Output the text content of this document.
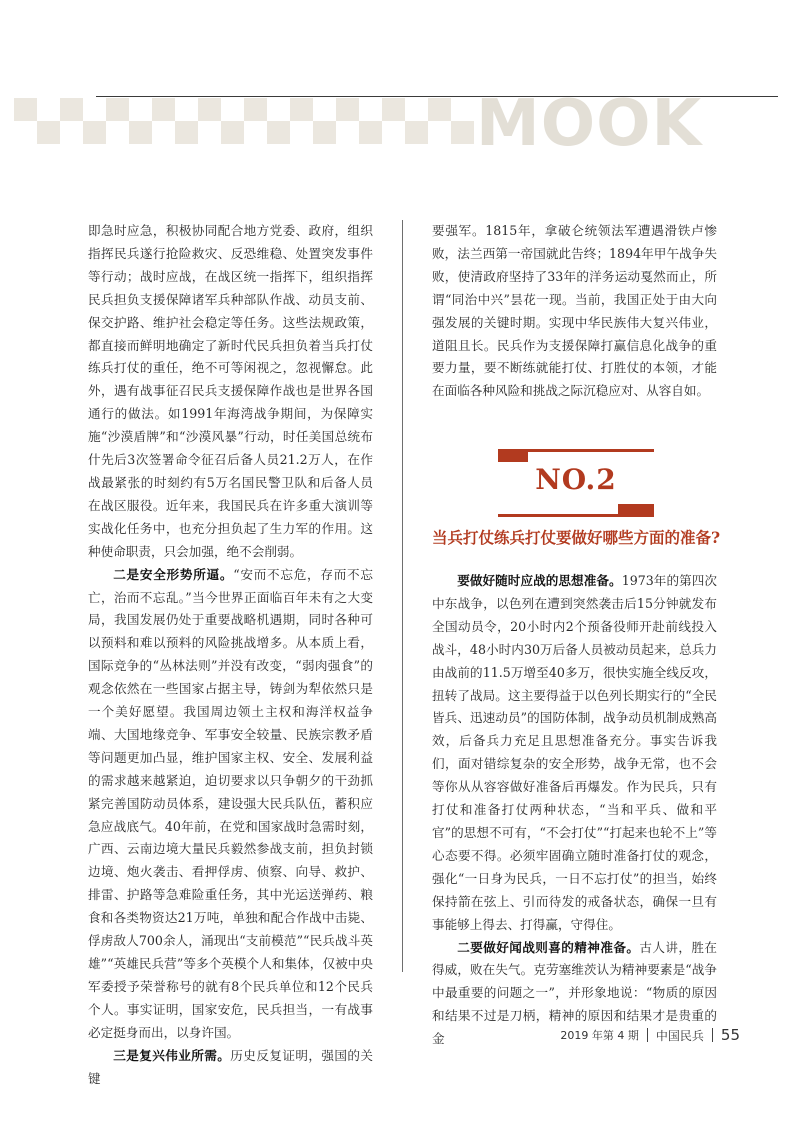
MOOK

即急时应急，积极协同配合地方党委、政府，组织指挥民兵遂行抢险救灾、反恐维稳、处置突发事件等行动；战时应战，在战区统一指挥下，组织指挥民兵担负支援保障诸军兵种部队作战、动员支前、保交护路、维护社会稳定等任务。这些法规政策，都直接而鲜明地确定了新时代民兵担负着当兵打仗练兵打仗的重任，绝不可等闲视之，忽视懈怠。此外，遇有战事征召民兵支援保障作战也是世界各国通行的做法。如1991年海湾战争期间，为保障实施“沙漠盾牌”和“沙漠风暴”行动，时任美国总统布什先后3次签署命令征召后备人员21.2万人，在作战最紧张的时刻约有5万名国民警卫队和后备人员在战区服役。近年来，我国民兵在许多重大演训等实战化任务中，也充分担负起了生力军的作用。这种使命职责，只会加强，绝不会削弱。

二是安全形势所逼。“安而不忘危，存而不忘亡，治而不忘乱。”当今世界正面临百年未有之大变局，我国发展仍处于重要战略机遇期，同时各种可以预料和难以预料的风险挑战增多。从本质上看，国际竞争的“丛林法则”并没有改变，“弱肉强食”的观念依然在一些国家占据主导，铸剑为犁依然只是一个美好愿望。我国周边领土主权和海洋权益争端、大国地缘竞争、军事安全较量、民族宗教矛盾等问题更加凸显，维护国家主权、安全、发展利益的需求越来越紧迫，迫切要求以只争朝夕的干劲抓紧完善国防动员体系，建设强大民兵队伍，蓄积应急应战底气。40年前，在党和国家战时急需时刻，广西、云南边境大量民兵毅然参战支前，担负封锁边境、炮火袭击、看押俘虏、侦察、向导、救护、排雷、护路等急难险重任务，其中光运送弹药、粮食和各类物资达21万吨，单独和配合作战中击毙、俘虏敌人700余人，涌现出“支前模范”“民兵战斗英雄”“英雄民兵营”等多个英模个人和集体，仅被中央军委授予荣誉称号的就有8个民兵单位和12个民兵个人。事实证明，国家安危，民兵担当，一有战事必定挺身而出，以身许国。

三是复兴伟业所需。历史反复证明，强国的关键

要强军。1815年，拿破仑统领法军遭遇滑铁卢惨败，法兰西第一帝国就此告终；1894年甲午战争失败，使清政府坚持了33年的洋务运动戛然而止，所谓“同治中兴”昙花一现。当前，我国正处于由大向强发展的关键时期。实现中华民族伟大复兴伟业，道阻且长。民兵作为支援保障打赢信息化战争的重要力量，要不断练就能打仗、打胜仗的本领，才能在面临各种风险和挑战之际沉稳应对、从容自如。

NO.2
当兵打仗练兵打仗要做好哪些方面的准备?

要做好随时应战的思想准备。1973年的第四次中东战争，以色列在遭到突然袭击后15分钟就发布全国动员令，20小时内2个预备役师开赴前线投入战斗，48小时内30万后备人员被动员起来，总兵力由战前的11.5万增至40多万，很快实施全线反攻，扭转了战局。这主要得益于以色列长期实行的“全民皆兵、迅速动员”的国防体制，战争动员机制成熟高效，后备兵力充足且思想准备充分。事实告诉我们，面对错综复杂的安全形势，战争无常，也不会等你从从容容做好准备后再爆发。作为民兵，只有打仗和准备打仗两种状态，“当和平兵、做和平官”的思想不可有，“不会打仗”“打起来也轮不上”等心态要不得。必须牢固确立随时准备打仗的观念，强化“一日身为民兵，一日不忘打仗”的担当，始终保持箭在弦上、引而待发的戒备状态，确保一旦有事能够上得去、打得赢，守得住。

二要做好闻战则喜的精神准备。古人讲，胜在得威，败在失气。克劳塞维茨认为精神要素是“战争中最重要的问题之一”，并形象地说：“物质的原因和结果不过是刀柄，精神的原因和结果才是贵重的金	2019 年第 4 期 中国民兵 55
